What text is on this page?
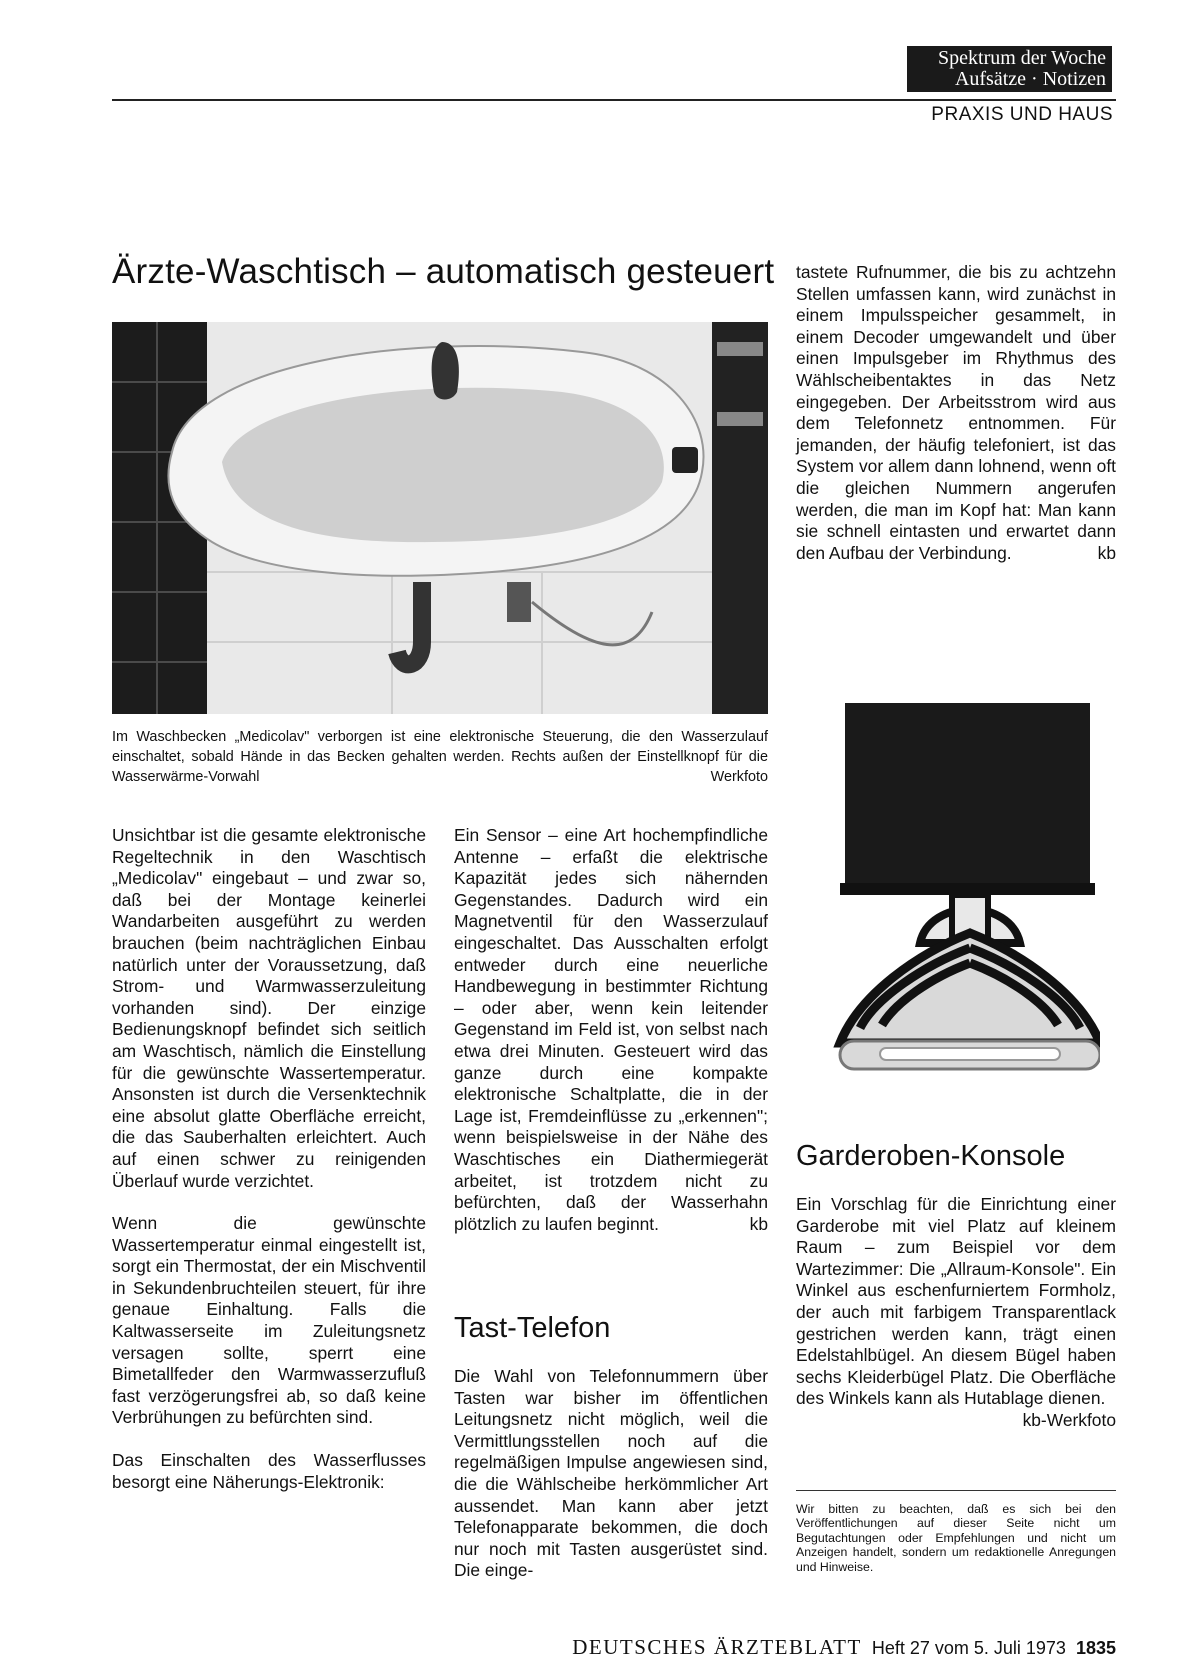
Spektrum der Woche
Aufsätze · Notizen
PRAXIS UND HAUS
Ärzte-Waschtisch – automatisch gesteuert
Im Waschbecken „Medicolav" verborgen ist eine elektronische Steuerung, die den Wasserzulauf einschaltet, sobald Hände in das Becken gehalten werden. Rechts außen der Einstellknopf für die Wasserwärme-Vorwahl	Werkfoto

Unsichtbar ist die gesamte elektronische Regeltechnik in den Waschtisch „Medicolav" eingebaut – und zwar so, daß bei der Montage keinerlei Wandarbeiten ausgeführt zu werden brauchen (beim nachträglichen Einbau natürlich unter der Voraussetzung, daß Strom- und Warmwasserzuleitung vorhanden sind). Der einzige Bedienungsknopf befindet sich seitlich am Waschtisch, nämlich die Einstellung für die gewünschte Wassertemperatur. Ansonsten ist durch die Versenktechnik eine absolut glatte Oberfläche erreicht, die das Sauberhalten erleichtert. Auch auf einen schwer zu reinigenden Überlauf wurde verzichtet.

Wenn die gewünschte Wassertemperatur einmal eingestellt ist, sorgt ein Thermostat, der ein Mischventil in Sekundenbruchteilen steuert, für ihre genaue Einhaltung. Falls die Kaltwasserseite im Zuleitungsnetz versagen sollte, sperrt eine Bimetallfeder den Warmwasserzufluß fast verzögerungsfrei ab, so daß keine Verbrühungen zu befürchten sind.

Das Einschalten des Wasserflusses besorgt eine Näherungs-Elektronik:

Ein Sensor – eine Art hochempfindliche Antenne – erfaßt die elektrische Kapazität jedes sich nähernden Gegenstandes. Dadurch wird ein Magnetventil für den Wasserzulauf eingeschaltet. Das Ausschalten erfolgt entweder durch eine neuerliche Handbewegung in bestimmter Richtung – oder aber, wenn kein leitender Gegenstand im Feld ist, von selbst nach etwa drei Minuten. Gesteuert wird das ganze durch eine kompakte elektronische Schaltplatte, die in der Lage ist, Fremdeinflüsse zu „erkennen"; wenn beispielsweise in der Nähe des Waschtisches ein Diathermiegerät arbeitet, ist trotzdem nicht zu befürchten, daß der Wasserhahn plötzlich zu laufen beginnt.	kb

Tast-Telefon

Die Wahl von Telefonnummern über Tasten war bisher im öffentlichen Leitungsnetz nicht möglich, weil die Vermittlungsstellen noch auf die regelmäßigen Impulse angewiesen sind, die die Wählscheibe herkömmlicher Art aussendet. Man kann aber jetzt Telefonapparate bekommen, die doch nur noch mit Tasten ausgerüstet sind. Die einge-

tastete Rufnummer, die bis zu achtzehn Stellen umfassen kann, wird zunächst in einem Impulsspeicher gesammelt, in einem Decoder umgewandelt und über einen Impulsgeber im Rhythmus des Wählscheibentaktes in das Netz eingegeben. Der Arbeitsstrom wird aus dem Telefonnetz entnommen. Für jemanden, der häufig telefoniert, ist das System vor allem dann lohnend, wenn oft die gleichen Nummern angerufen werden, die man im Kopf hat: Man kann sie schnell eintasten und erwartet dann den Aufbau der Verbindung.	kb

Garderoben-Konsole

Ein Vorschlag für die Einrichtung einer Garderobe mit viel Platz auf kleinem Raum – zum Beispiel vor dem Wartezimmer: Die „Allraum-Konsole". Ein Winkel aus eschenfurniertem Formholz, der auch mit farbigem Transparentlack gestrichen werden kann, trägt einen Edelstahlbügel. An diesem Bügel haben sechs Kleiderbügel Platz. Die Oberfläche des Winkels kann als Hutablage dienen.
kb-Werkfoto

Wir bitten zu beachten, daß es sich bei den Veröffentlichungen auf dieser Seite nicht um Begutachtungen oder Empfehlungen und nicht um Anzeigen handelt, sondern um redaktionelle Anregungen und Hinweise.
DEUTSCHES ÄRZTEBLATT Heft 27 vom 5. Juli 1973 1835
